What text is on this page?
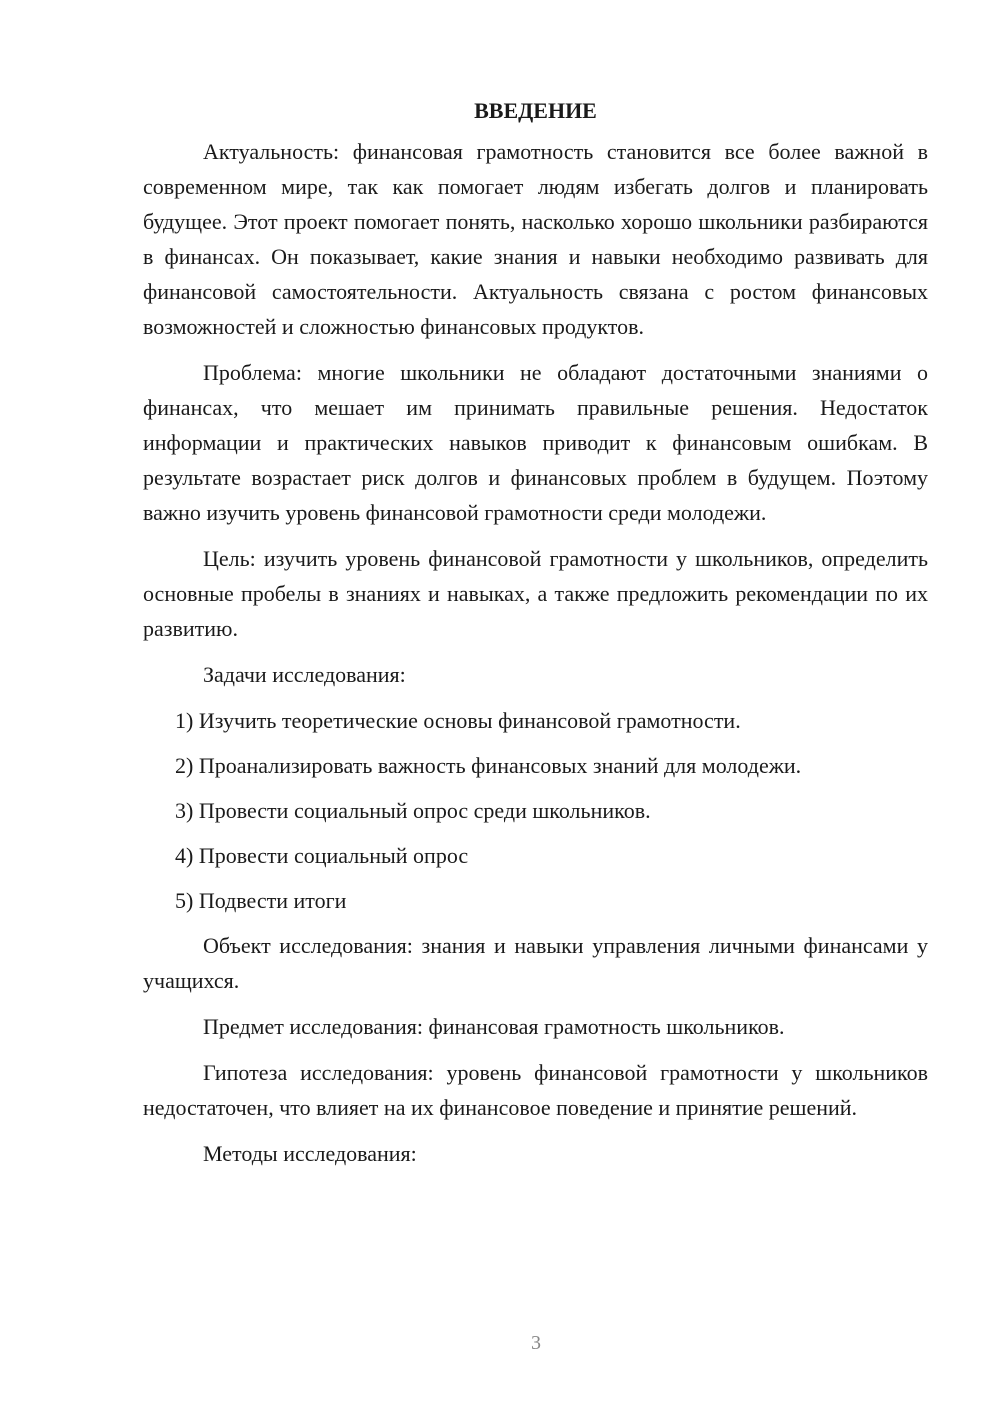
ВВЕДЕНИЕ

Актуальность: финансовая грамотность становится все более важной в современном мире, так как помогает людям избегать долгов и планировать будущее. Этот проект помогает понять, насколько хорошо школьники разбираются в финансах. Он показывает, какие знания и навыки необходимо развивать для финансовой самостоятельности. Актуальность связана с ростом финансовых возможностей и сложностью финансовых продуктов.

Проблема: многие школьники не обладают достаточными знаниями о финансах, что мешает им принимать правильные решения. Недостаток информации и практических навыков приводит к финансовым ошибкам. В результате возрастает риск долгов и финансовых проблем в будущем. Поэтому важно изучить уровень финансовой грамотности среди молодежи.

Цель: изучить уровень финансовой грамотности у школьников, определить основные пробелы в знаниях и навыках, а также предложить рекомендации по их развитию.

Задачи исследования:

1) Изучить теоретические основы финансовой грамотности.
2) Проанализировать важность финансовых знаний для молодежи.
3) Провести социальный опрос среди школьников.
4) Провести социальный опрос
5) Подвести итоги

Объект исследования: знания и навыки управления личными финансами у учащихся.

Предмет исследования: финансовая грамотность школьников.

Гипотеза исследования: уровень финансовой грамотности у школьников недостаточен, что влияет на их финансовое поведение и принятие решений.

Методы исследования:

3
